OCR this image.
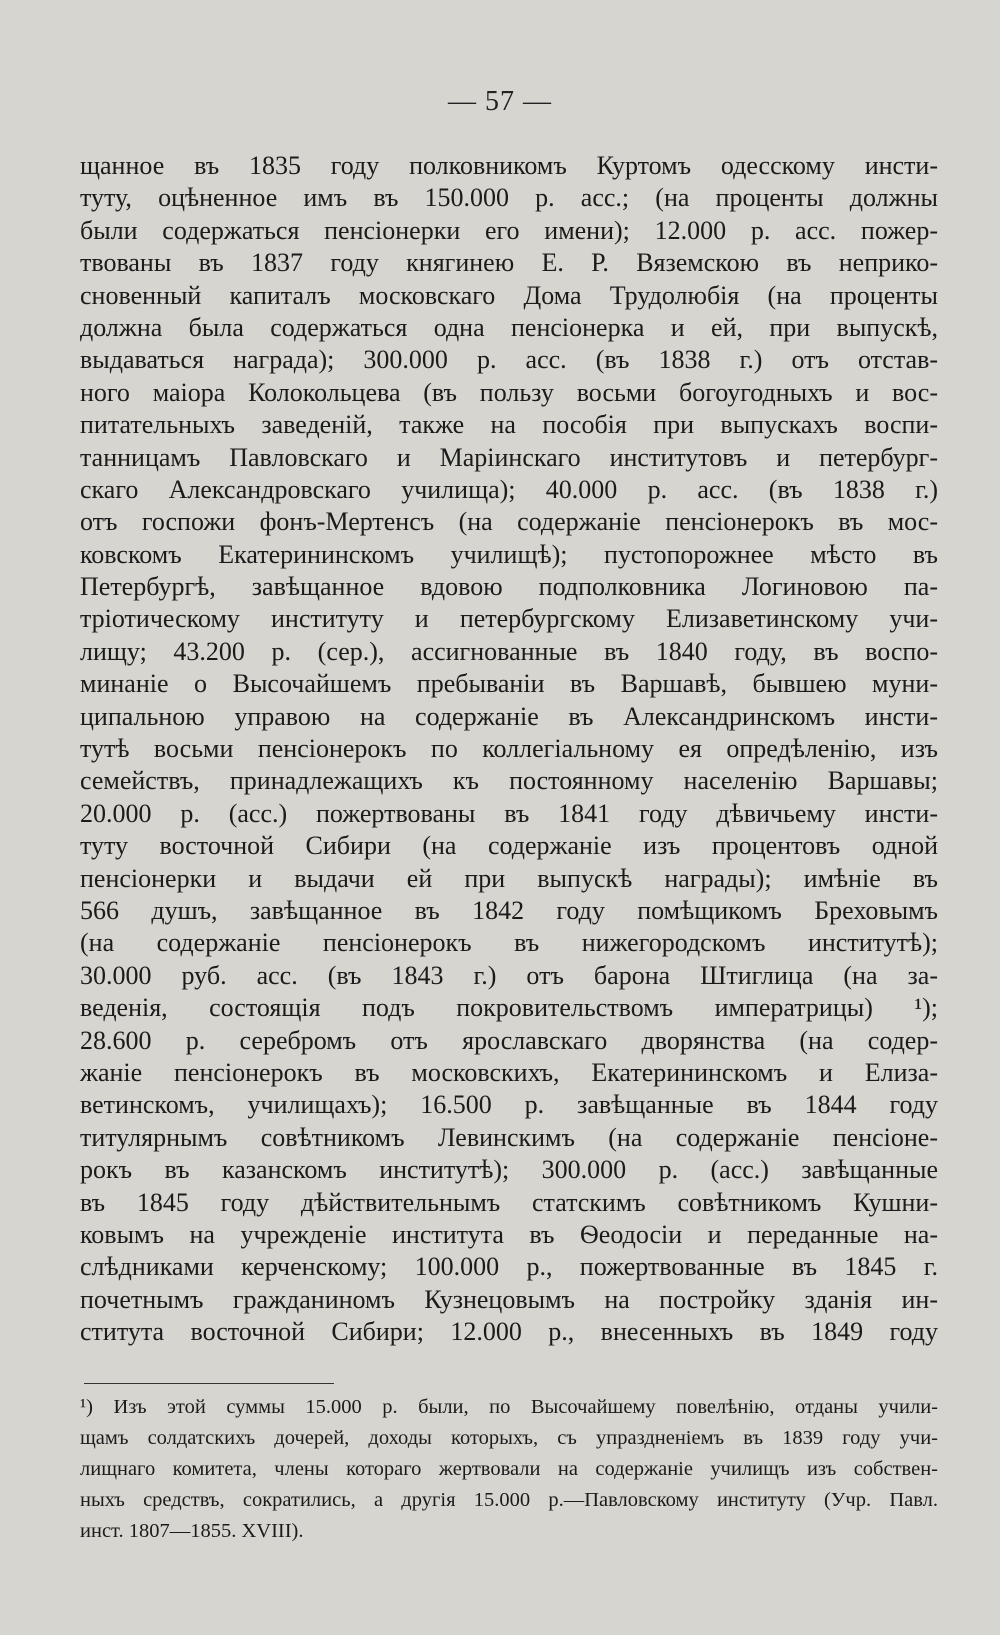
— 57 —
щанное въ 1835 году полковникомъ Куртомъ одесскому инсти-
туту, оцѣненное имъ въ 150.000 р. асс.; (на проценты должны
были содержаться пенсіонерки его имени); 12.000 р. асс. пожер-
твованы въ 1837 году княгинею Е. Р. Вяземскою въ неприко-
сновенный капиталъ московскаго Дома Трудолюбія (на проценты
должна была содержаться одна пенсіонерка и ей, при выпускѣ,
выдаваться награда); 300.000 р. асс. (въ 1838 г.) отъ отстав-
ного маіора Колокольцева (въ пользу восьми богоугодныхъ и вос-
питательныхъ заведеній, также на пособія при выпускахъ воспи-
танницамъ Павловскаго и Маріинскаго институтовъ и петербург-
скаго Александровскаго училища); 40.000 р. асс. (въ 1838 г.)
отъ госпожи фонъ-Мертенсъ (на содержаніе пенсіонерокъ въ мос-
ковскомъ Екатерининскомъ училищѣ); пустопорожнее мѣсто въ
Петербургѣ, завѣщанное вдовою подполковника Логиновою па-
тріотическому институту и петербургскому Елизаветинскому учи-
лищу; 43.200 р. (сер.), ассигнованные въ 1840 году, въ воспо-
минаніе о Высочайшемъ пребываніи въ Варшавѣ, бывшею муни-
ципальною управою на содержаніе въ Александринскомъ инсти-
тутѣ восьми пенсіонерокъ по коллегіальному ея опредѣленію, изъ
семействъ, принадлежащихъ къ постоянному населенію Варшавы;
20.000 р. (асс.) пожертвованы въ 1841 году дѣвичьему инсти-
туту восточной Сибири (на содержаніе изъ процентовъ одной
пенсіонерки и выдачи ей при выпускѣ награды); имѣніе въ
566 душъ, завѣщанное въ 1842 году помѣщикомъ Бреховымъ
(на содержаніе пенсіонерокъ въ нижегородскомъ институтѣ);
30.000 руб. асс. (въ 1843 г.) отъ барона Штиглица (на за-
веденія, состоящія подъ покровительствомъ императрицы) ¹);
28.600 р. серебромъ отъ ярославскаго дворянства (на содер-
жаніе пенсіонерокъ въ московскихъ, Екатерининскомъ и Елиза-
ветинскомъ, училищахъ); 16.500 р. завѣщанные въ 1844 году
титулярнымъ совѣтникомъ Левинскимъ (на содержаніе пенсіоне-
рокъ въ казанскомъ институтѣ); 300.000 р. (асс.) завѣщанные
въ 1845 году дѣйствительнымъ статскимъ совѣтникомъ Кушни-
ковымъ на учрежденіе института въ Ѳеодосіи и переданные на-
слѣдниками керченскому; 100.000 р., пожертвованные въ 1845 г.
почетнымъ гражданиномъ Кузнецовымъ на постройку зданія ин-
ститута восточной Сибири; 12.000 р., внесенныхъ въ 1849 году
¹) Изъ этой суммы 15.000 р. были, по Высочайшему повелѣнію, отданы учили-
щамъ солдатскихъ дочерей, доходы которыхъ, съ упраздненіемъ въ 1839 году учи-
лищнаго комитета, члены котораго жертвовали на содержаніе училищъ изъ собствен-
ныхъ средствъ, сократились, а другія 15.000 р.—Павловскому институту (Учр. Павл.
инст. 1807—1855. XVIII).
